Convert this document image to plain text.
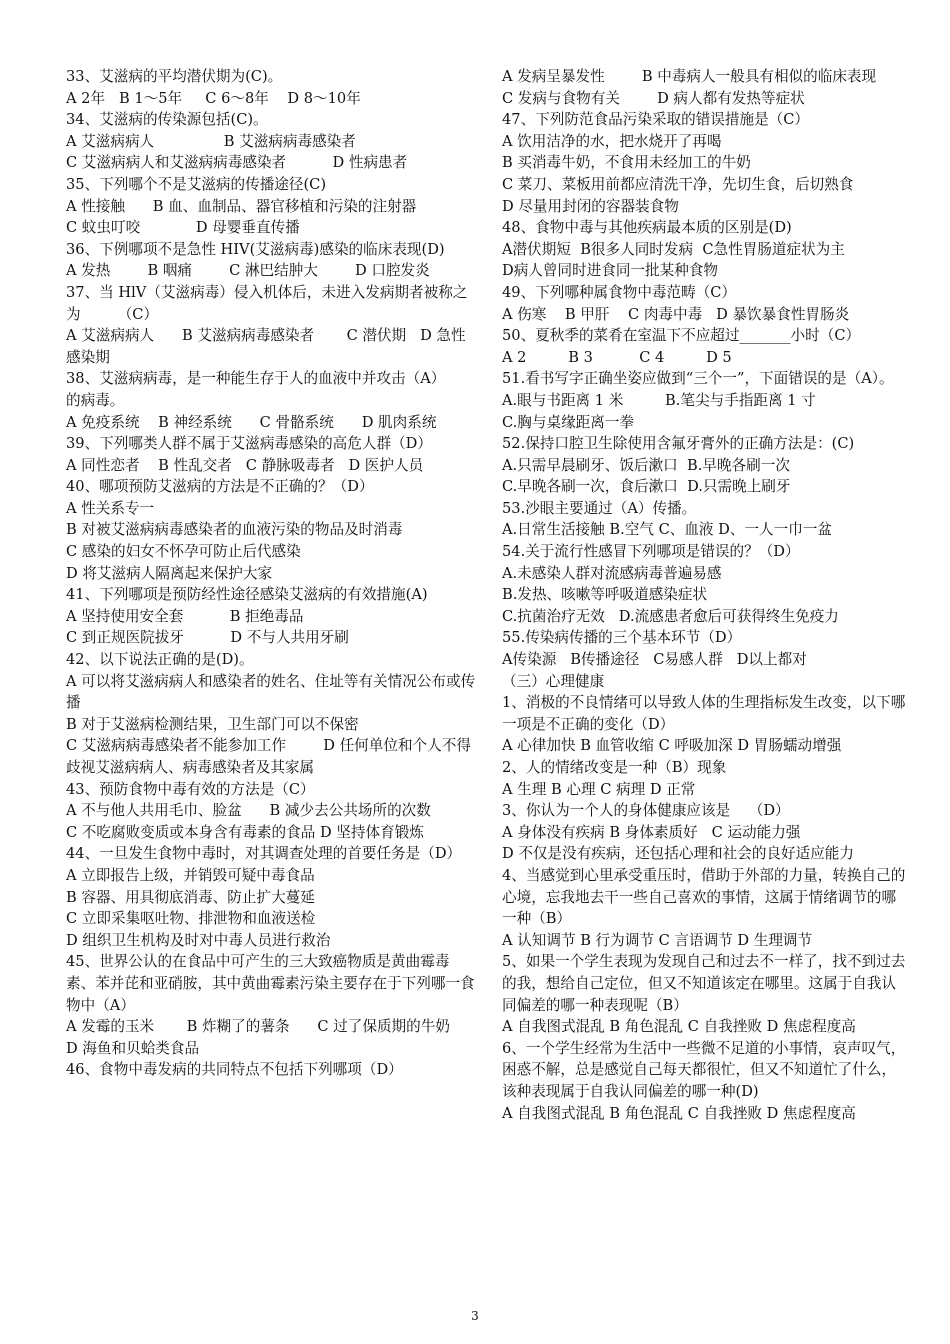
33、艾滋病的平均潜伏期为(C)。

A 2年   B 1～5年     C 6～8年    D 8～10年

34、艾滋病的传染源包括(C)。

A 艾滋病病人               B 艾滋病病毒感染者

C 艾滋病病人和艾滋病病毒感染者          D 性病患者

35、下列哪个不是艾滋病的传播途径(C)

A 性接触      B 血、血制品、器官移植和污染的注射器

C 蚊虫叮咬            D 母婴垂直传播

36、下例哪项不是急性 HIV(艾滋病毒)感染的临床表现(D)

A 发热        B 咽痛        C 淋巴结肿大        D 口腔发炎

37、当 HlV（艾滋病毒）侵入机体后，未进入发病期者被称之为        （C）

A 艾滋病病人      B 艾滋病病毒感染者       C 潜伏期   D 急性感染期

38、艾滋病病毒，是一种能生存于人的血液中并攻击（A）    的病毒。

A 免疫系统    B 神经系统      C 骨骼系统      D 肌肉系统

39、下列哪类人群不属于艾滋病毒感染的高危人群（D）

A 同性恋者    B 性乱交者   C 静脉吸毒者   D 医护人员

40、哪项预防艾滋病的方法是不正确的？（D）

A 性关系专一

B 对被艾滋病病毒感染者的血液污染的物品及时消毒

C 感染的妇女不怀孕可防止后代感染

D 将艾滋病人隔离起来保护大家

41、下列哪项是预防经性途径感染艾滋病的有效措施(A)

A 坚持使用安全套          B 拒绝毒品

C 到正规医院拔牙          D 不与人共用牙刷

42、以下说法正确的是(D)。

A 可以将艾滋病病人和感染者的姓名、住址等有关情况公布或传播

B 对于艾滋病检测结果，卫生部门可以不保密

C 艾滋病病毒感染者不能参加工作        D 任何单位和个人不得歧视艾滋病病人、病毒感染者及其家属

43、预防食物中毒有效的方法是（C）

A 不与他人共用毛巾、脸盆      B 减少去公共场所的次数

C 不吃腐败变质或本身含有毒素的食品 D 坚持体育锻炼

44、一旦发生食物中毒时，对其调查处理的首要任务是（D）

A 立即报告上级，并销毁可疑中毒食品

B 容器、用具彻底消毒、防止扩大蔓延

C 立即采集呕吐物、排泄物和血液送检

D 组织卫生机构及时对中毒人员进行救治

45、世界公认的在食品中可产生的三大致癌物质是黄曲霉毒素、苯并芘和亚硝胺，其中黄曲霉素污染主要存在于下列哪一食物中（A）

A 发霉的玉米       B 炸糊了的薯条      C 过了保质期的牛奶           D 海鱼和贝蛤类食品

46、食物中毒发病的共同特点不包括下列哪项（D）

A 发病呈暴发性        B 中毒病人一般具有相似的临床表现      C 发病与食物有关        D 病人都有发热等症状

47、下列防范食品污染采取的错误措施是（C）

A 饮用洁净的水，把水烧开了再喝

B 买消毒牛奶，不食用未经加工的牛奶

C 菜刀、菜板用前都应清洗干净，先切生食，后切熟食

D 尽量用封闭的容器装食物

48、食物中毒与其他疾病最本质的区别是(D)

A潜伏期短  B很多人同时发病  C急性胃肠道症状为主

D病人曾同时进食同一批某种食物

49、下列哪种属食物中毒范畴（C）

A 伤寒    B 甲肝    C 肉毒中毒   D 暴饮暴食性胃肠炎

50、夏秋季的菜肴在室温下不应超过_______小时（C）

A 2         B 3          C 4         D 5

51.看书写字正确坐姿应做到“三个一”，下面错误的是（A）。

A.眼与书距离 1 米         B.笔尖与手指距离 1 寸

C.胸与桌缘距离一拳

52.保持口腔卫生除使用含氟牙膏外的正确方法是：(C)

A.只需早晨刷牙、饭后漱口  B.早晚各刷一次

C.早晚各刷一次，食后漱口  D.只需晚上刷牙

53.沙眼主要通过（A）传播。

A.日常生活接触 B.空气 C、血液 D、一人一巾一盆

54.关于流行性感冒下列哪项是错误的？（D）

A.未感染人群对流感病毒普遍易感

B.发热、咳嗽等呼吸道感染症状

C.抗菌治疗无效   D.流感患者愈后可获得终生免疫力

55.传染病传播的三个基本环节（D）

A传染源   B传播途径   C易感人群   D以上都对

（三）心理健康

1、消极的不良情绪可以导致人体的生理指标发生改变，以下哪一项是不正确的变化（D）

A 心律加快 B 血管收缩 C 呼吸加深 D 胃肠蠕动增强

2、人的情绪改变是一种（B）现象

A 生理 B 心理 C 病理 D 正常

3、你认为一个人的身体健康应该是    （D）

A 身体没有疾病 B 身体素质好   C 运动能力强

D 不仅是没有疾病，还包括心理和社会的良好适应能力

4、当感觉到心里承受重压时，借助于外部的力量，转换自己的心境，忘我地去干一些自己喜欢的事情，这属于情绪调节的哪一种（B）

A 认知调节 B 行为调节 C 言语调节 D 生理调节

5、如果一个学生表现为发现自己和过去不一样了，找不到过去的我，想给自己定位，但又不知道该定在哪里。这属于自我认同偏差的哪一种表现呢（B）

A 自我图式混乱 B 角色混乱 C 自我挫败 D 焦虑程度高

6、一个学生经常为生活中一些微不足道的小事情，哀声叹气，困惑不解，总是感觉自己每天都很忙，但又不知道忙了什么，该种表现属于自我认同偏差的哪一种(D)

A 自我图式混乱 B 角色混乱 C 自我挫败 D 焦虑程度高

3
